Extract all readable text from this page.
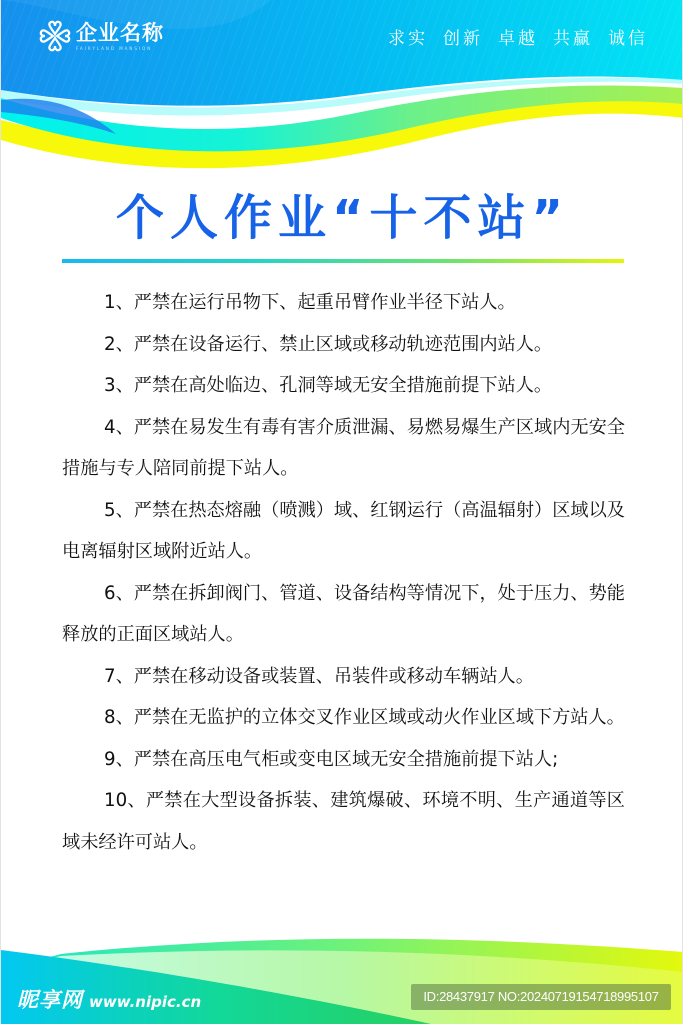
企业名称
FAIRYLAND MANSION	求实 创新 卓越 共赢 诚信
个人作业“十不站”

1、严禁在运行吊物下、起重吊臂作业半径下站人。

2、严禁在设备运行、禁止区域或移动轨迹范围内站人。

3、严禁在高处临边、孔洞等域无安全措施前提下站人。

4、严禁在易发生有毒有害介质泄漏、易燃易爆生产区域内无安全措施与专人陪同前提下站人。

5、严禁在热态熔融（喷溅）域、红钢运行（高温辐射）区域以及电离辐射区域附近站人。

6、严禁在拆卸阀门、管道、设备结构等情况下，处于压力、势能释放的正面区域站人。

7、严禁在移动设备或装置、吊装件或移动车辆站人。

8、严禁在无监护的立体交叉作业区域或动火作业区域下方站人。

9、严禁在高压电气柜或变电区域无安全措施前提下站人;

10、严禁在大型设备拆装、建筑爆破、环境不明、生产通道等区域未经许可站人。

昵享网 www.nipic.cn	ID:28437917 NO:20240719154718995107
